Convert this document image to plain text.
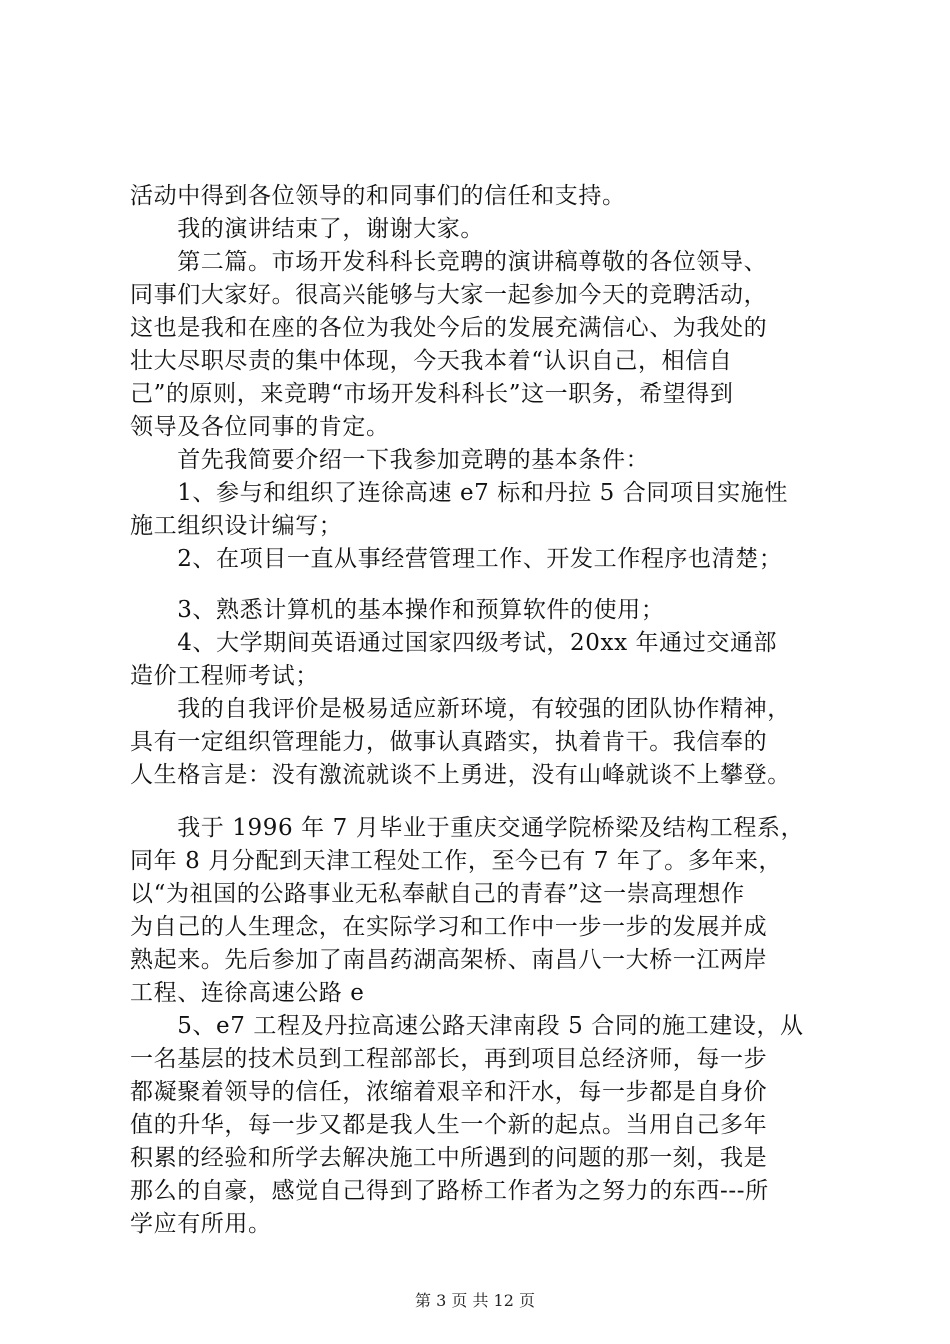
活动中得到各位领导的和同事们的信任和支持。
　　我的演讲结束了，谢谢大家。
　　第二篇。市场开发科科长竞聘的演讲稿尊敬的各位领导、
同事们大家好。很高兴能够与大家一起参加今天的竞聘活动，
这也是我和在座的各位为我处今后的发展充满信心、为我处的
壮大尽职尽责的集中体现，今天我本着“认识自己，相信自
己”的原则，来竞聘“市场开发科科长”这一职务，希望得到
领导及各位同事的肯定。
　　首先我简要介绍一下我参加竞聘的基本条件：
　　1、参与和组织了连徐高速 e7 标和丹拉 5 合同项目实施性
施工组织设计编写；
　　2、在项目一直从事经营管理工作、开发工作程序也清楚；
　　3、熟悉计算机的基本操作和预算软件的使用；
　　4、大学期间英语通过国家四级考试，20xx 年通过交通部
造价工程师考试；
　　我的自我评价是极易适应新环境，有较强的团队协作精神，
具有一定组织管理能力，做事认真踏实，执着肯干。我信奉的
人生格言是：没有激流就谈不上勇进，没有山峰就谈不上攀登。
　　我于 1996 年 7 月毕业于重庆交通学院桥梁及结构工程系，
同年 8 月分配到天津工程处工作，至今已有 7 年了。多年来，
以“为祖国的公路事业无私奉献自己的青春”这一崇高理想作
为自己的人生理念，在实际学习和工作中一步一步的发展并成
熟起来。先后参加了南昌药湖高架桥、南昌八一大桥一江两岸
工程、连徐高速公路 e
　　5、e7 工程及丹拉高速公路天津南段 5 合同的施工建设，从
一名基层的技术员到工程部部长，再到项目总经济师，每一步
都凝聚着领导的信任，浓缩着艰辛和汗水，每一步都是自身价
值的升华，每一步又都是我人生一个新的起点。当用自己多年
积累的经验和所学去解决施工中所遇到的问题的那一刻，我是
那么的自豪，感觉自己得到了路桥工作者为之努力的东西---所
学应有所用。
第 3 页 共 12 页
